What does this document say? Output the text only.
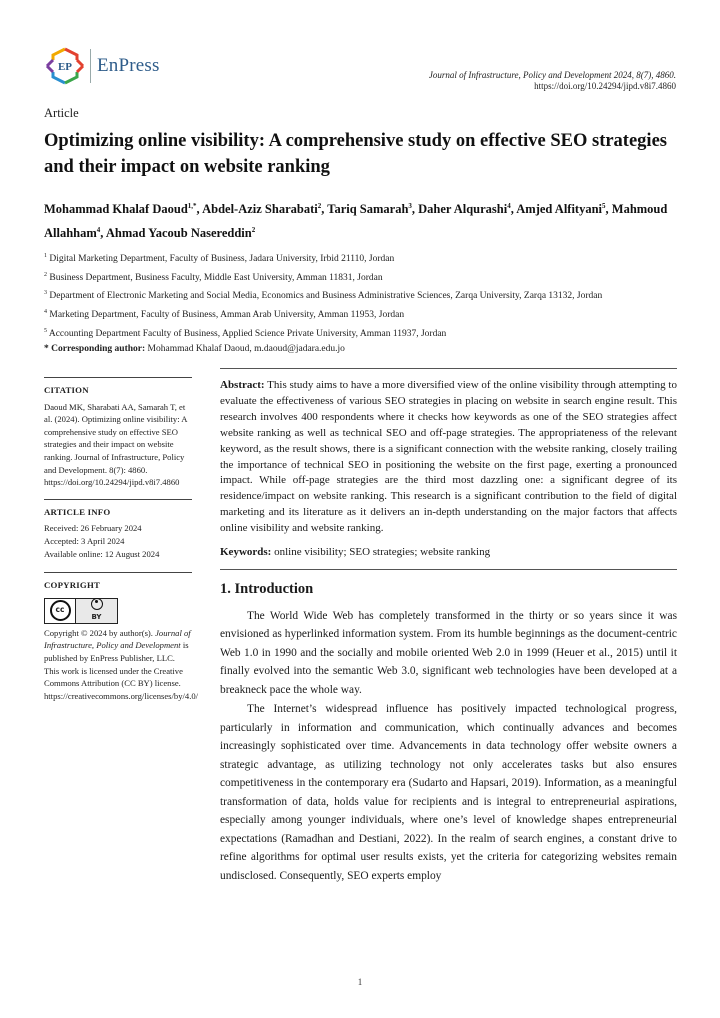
EP EnPress	Journal of Infrastructure, Policy and Development 2024, 8(7), 4860.
https://doi.org/10.24294/jipd.v8i7.4860
Article
Optimizing online visibility: A comprehensive study on effective SEO strategies and their impact on website ranking
Mohammad Khalaf Daoud$^{1,*}$, Abdel-Aziz Sharabati$^2$, Tariq Samarah$^3$, Daher Alqurashi$^4$, Amjed Alfityani$^5$, Mahmoud Allahham$^4$, Ahmad Yacoub Nasereddin$^2$

$^1$ Digital Marketing Department, Faculty of Business, Jadara University, Irbid 21110, Jordan

$^2$ Business Department, Business Faculty, Middle East University, Amman 11831, Jordan

$^3$ Department of Electronic Marketing and Social Media, Economics and Business Administrative Sciences, Zarqa University, Zarqa 13132, Jordan

$^4$ Marketing Department, Faculty of Business, Amman Arab University, Amman 11953, Jordan

$^5$ Accounting Department Faculty of Business, Applied Science Private University, Amman 11937, Jordan

* Corresponding author: Mohammad Khalaf Daoud, m.daoud@jadara.edu.jo

CITATION

Daoud MK, Sharabati AA, Samarah T, et al. (2024). Optimizing online visibility: A comprehensive study on effective SEO strategies and their impact on website ranking. Journal of Infrastructure, Policy and Development. 8(7): 4860. https://doi.org/10.24294/jipd.v8i7.4860

ARTICLE INFO

Received: 26 February 2024
Accepted: 3 April 2024
Available online: 12 August 2024

COPYRIGHT
cc
BY

Copyright © 2024 by author(s). Journal of Infrastructure, Policy and Development is published by EnPress Publisher, LLC. This work is licensed under the Creative Commons Attribution (CC BY) license. https://creativecommons.org/licenses/by/4.0/

Abstract: This study aims to have a more diversified view of the online visibility through attempting to evaluate the effectiveness of various SEO strategies in placing on website in search engine result. This research involves 400 respondents where it checks how keywords as one of the SEO strategies affect website ranking as well as technical SEO and off-page strategies. The appropriateness of the relevant keyword, as the result shows, there is a significant connection with the website ranking, closely trailing the importance of technical SEO in positioning the website on the first page, exerting a pronounced impact. While off-page strategies are the third most dazzling one: a significant degree of its residence/impact on website ranking. This research is a significant contribution to the field of digital marketing and its literature as it delivers an in-depth understanding on the major factors that affects online visibility and website ranking.

Keywords: online visibility; SEO strategies; website ranking

1. Introduction

The World Wide Web has completely transformed in the thirty or so years since it was envisioned as hyperlinked information system. From its humble beginnings as the document-centric Web 1.0 in 1990 and the socially and mobile oriented Web 2.0 in 1999 (Heuer et al., 2015) until it finally evolved into the semantic Web 3.0, significant web technologies have been developed at a breakneck pace the whole way.

The Internet’s widespread influence has positively impacted technological progress, particularly in information and communication, which continually advances and becomes increasingly sophisticated over time. Advancements in data technology offer website owners a strategic advantage, as utilizing technology not only accelerates tasks but also ensures competitiveness in the contemporary era (Sudarto and Hapsari, 2019). Information, as a meaningful transformation of data, holds value for recipients and is integral to entrepreneurial aspirations, especially among younger individuals, where one’s level of knowledge shapes entrepreneurial expectations (Ramadhan and Destiani, 2022). In the realm of search engines, a constant drive to refine algorithms for optimal user results exists, yet the criteria for categorizing websites remain undisclosed. Consequently, SEO experts employ

1
